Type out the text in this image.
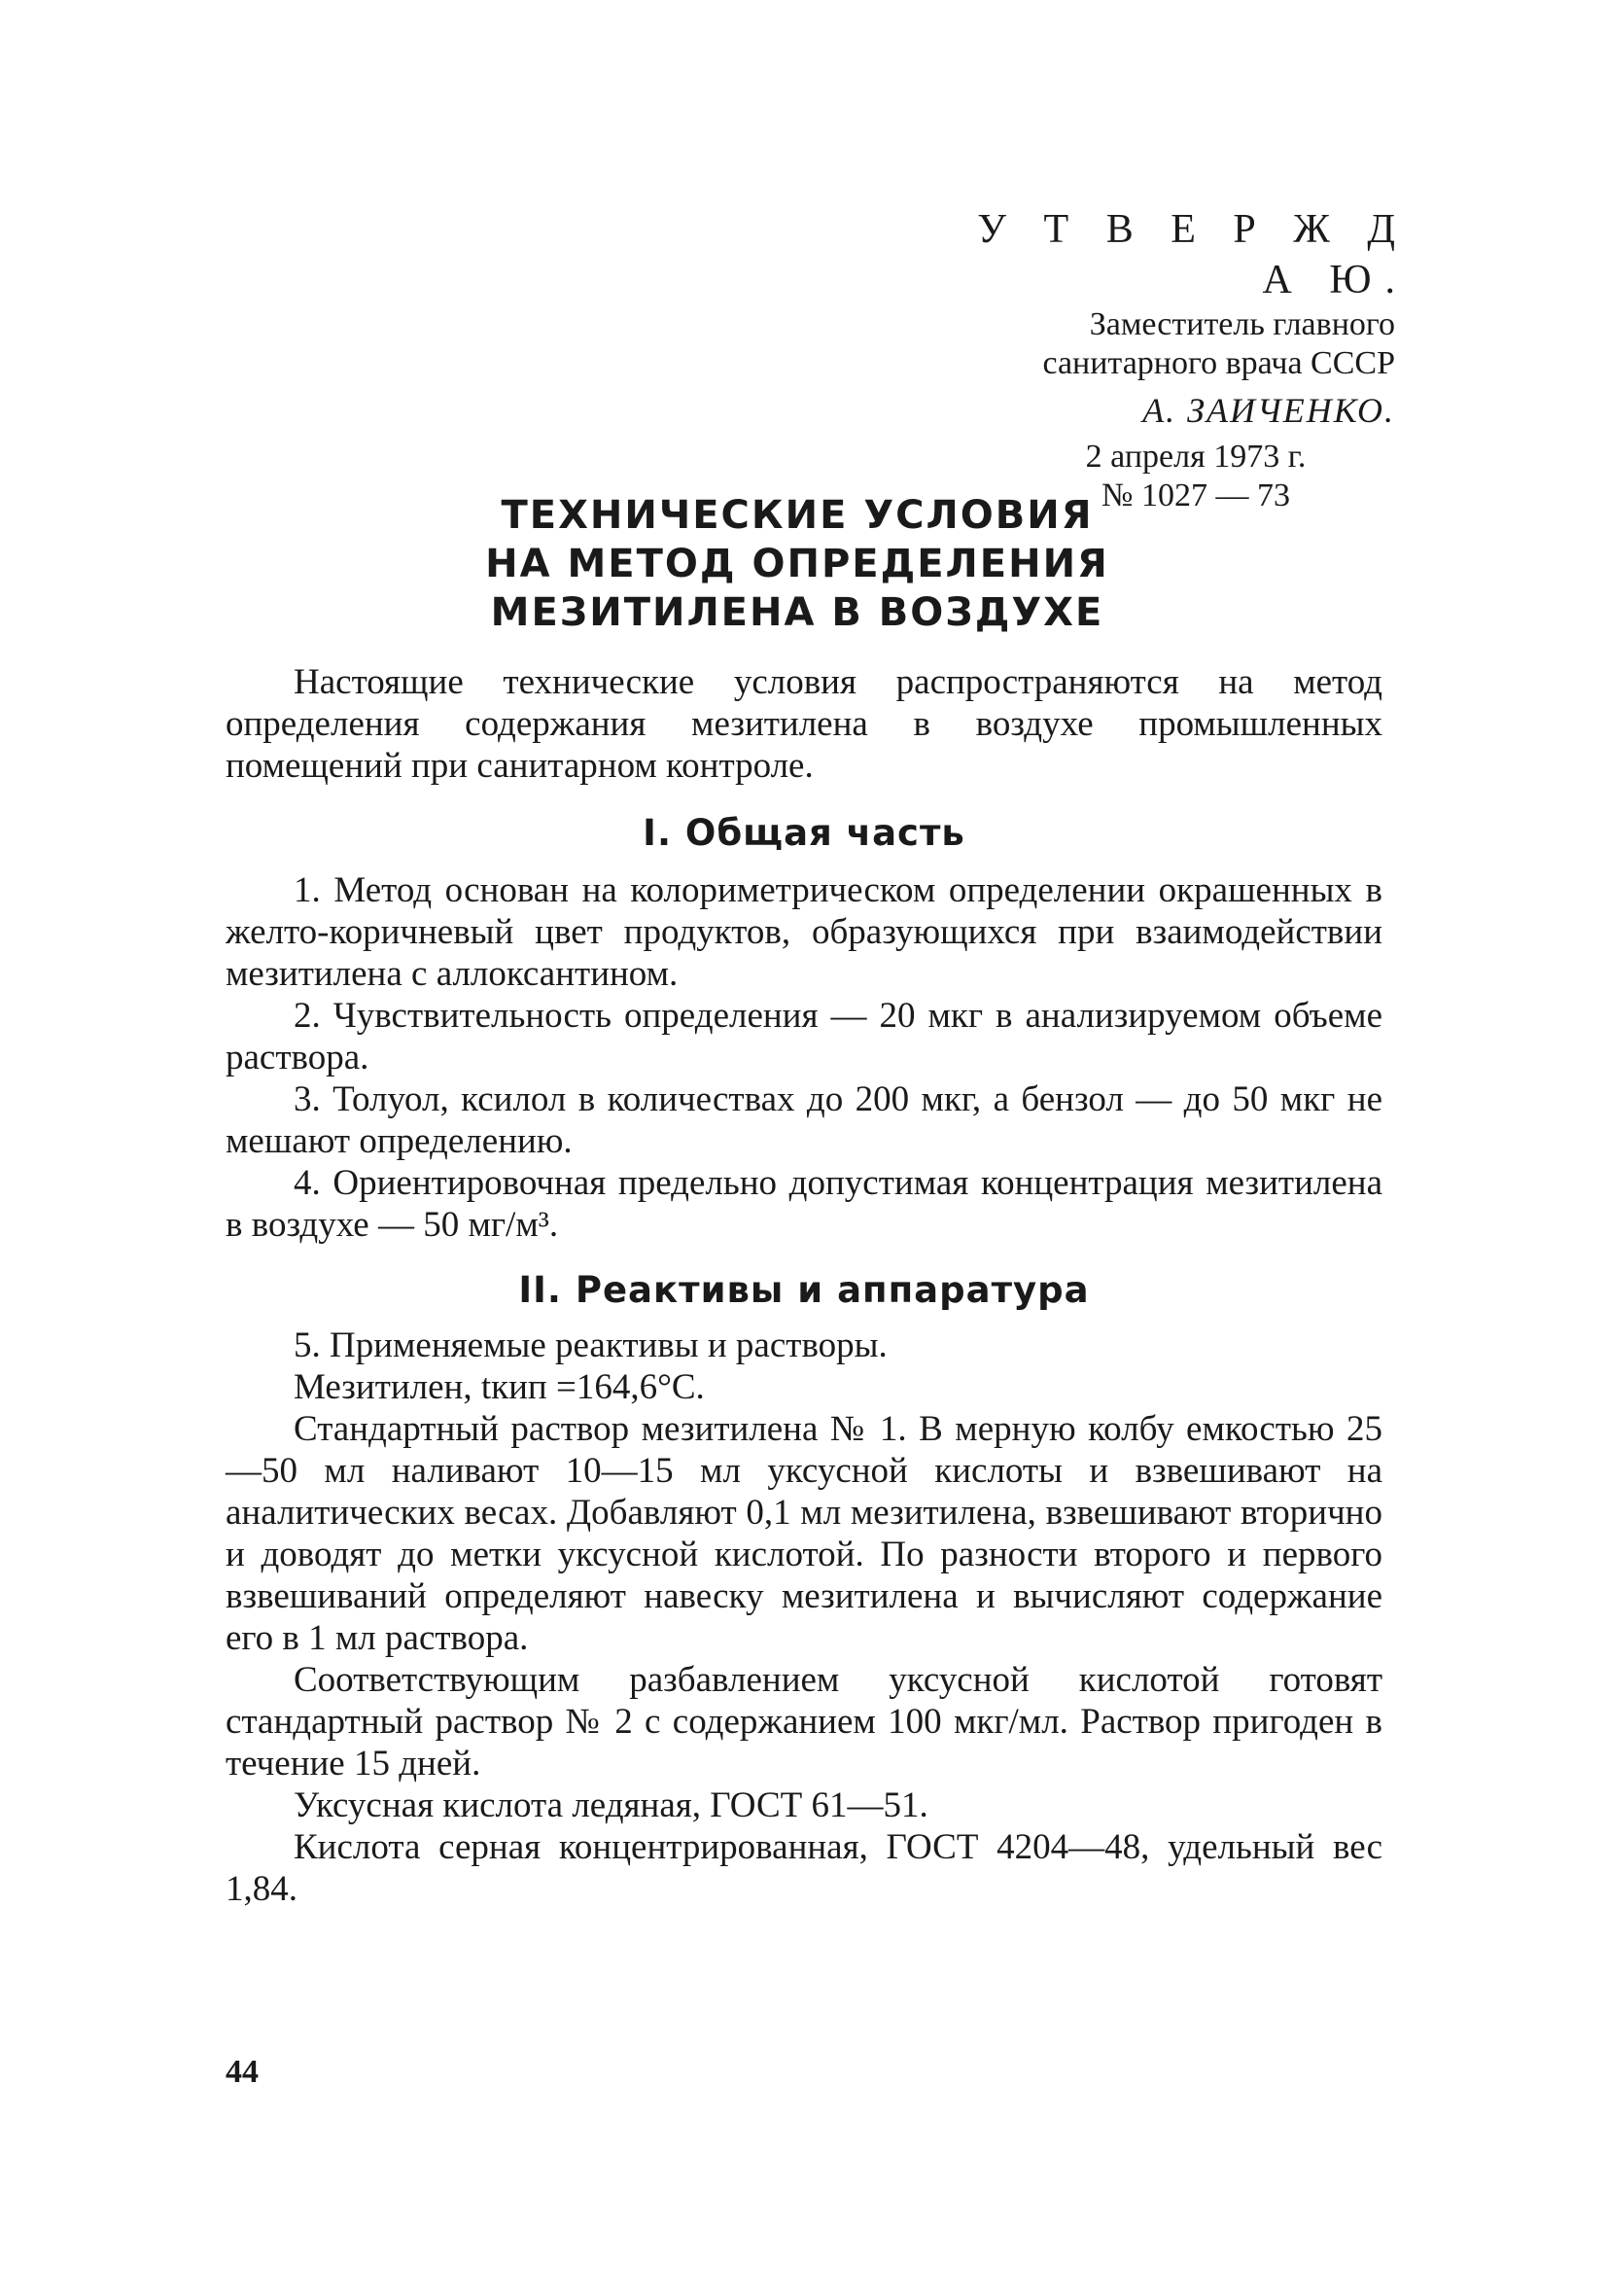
У Т В Е Р Ж Д А Ю.
Заместитель главного
санитарного врача СССР
А. ЗАИЧЕНКО.
2 апреля 1973 г.
№ 1027 — 73
ТЕХНИЧЕСКИЕ УСЛОВИЯ
НА МЕТОД ОПРЕДЕЛЕНИЯ
МЕЗИТИЛЕНА В ВОЗДУХЕ

Настоящие технические условия распространяются на метод определения содержания мезитилена в воздухе промышленных помещений при санитарном контроле.

I. Общая часть

1. Метод основан на колориметрическом определении окрашенных в желто-коричневый цвет продуктов, образующихся при взаимодействии мезитилена с аллоксантином.

2. Чувствительность определения — 20 мкг в анализируемом объеме раствора.

3. Толуол, ксилол в количествах до 200 мкг, а бензол — до 50 мкг не мешают определению.

4. Ориентировочная предельно допустимая концентрация мезитилена в воздухе — 50 мг/м³.

II. Реактивы и аппаратура

5. Применяемые реактивы и растворы.

Мезитилен, tкип =164,6°С.

Стандартный раствор мезитилена № 1. В мерную колбу емкостью 25—50 мл наливают 10—15 мл уксусной кислоты и взвешивают на аналитических весах. Добавляют 0,1 мл мезитилена, взвешивают вторично и доводят до метки уксусной кислотой. По разности второго и первого взвешиваний определяют навеску мезитилена и вычисляют содержание его в 1 мл раствора.

Соответствующим разбавлением уксусной кислотой готовят стандартный раствор № 2 с содержанием 100 мкг/мл. Раствор пригоден в течение 15 дней.

Уксусная кислота ледяная, ГОСТ 61—51.

Кислота серная концентрированная, ГОСТ 4204—48, удельный вес 1,84.

44
